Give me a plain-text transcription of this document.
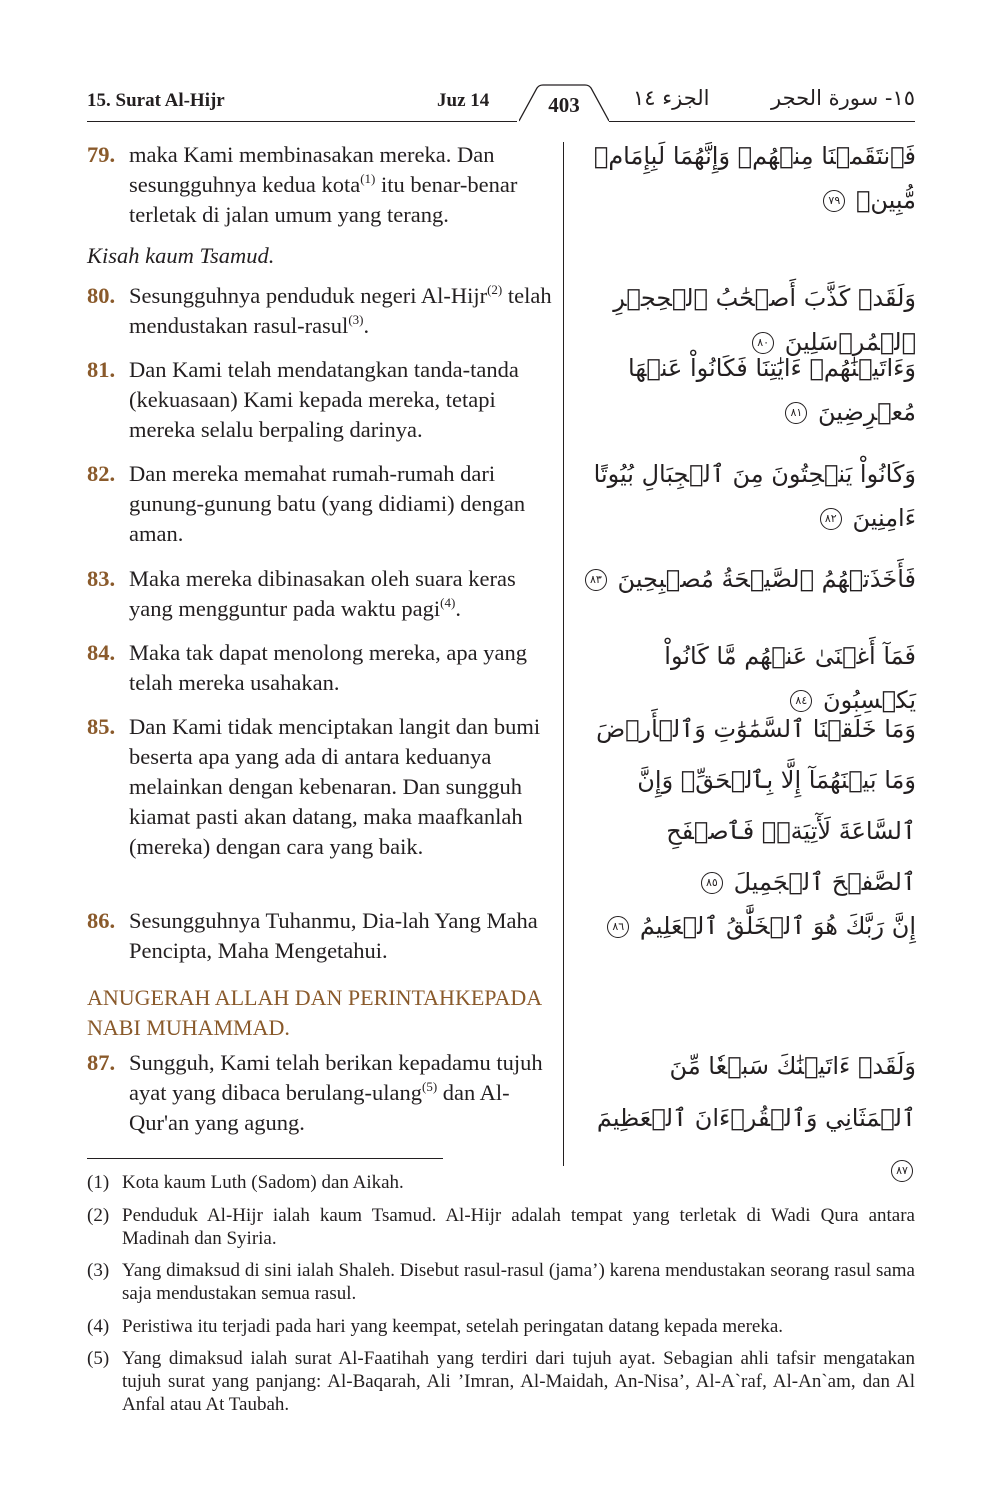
15. Surat Al-Hijr	Juz 14	403	الجزء ١٤	١٥- سورة الحجر
79. maka Kami membinasakan mereka. Dan sesungguhnya kedua kota$^{(1)}$ itu benar-benar terletak di jalan umum yang terang.
Kisah kaum Tsamud.
80. Sesungguhnya penduduk negeri Al-Hijr$^{(2)}$ telah mendustakan rasul-rasul$^{(3)}$.
81. Dan Kami telah mendatangkan tanda-tanda (kekuasaan) Kami kepada mereka, tetapi mereka selalu berpaling darinya.
82. Dan mereka memahat rumah-rumah dari gunung-gunung batu (yang didiami) dengan aman.
83. Maka mereka dibinasakan oleh suara keras yang mengguntur pada waktu pagi$^{(4)}$.
84. Maka tak dapat menolong mereka, apa yang telah mereka usahakan.
85. Dan Kami tidak menciptakan langit dan bumi beserta apa yang ada di antara keduanya melainkan dengan kebenaran. Dan sungguh kiamat pasti akan datang, maka maafkanlah (mereka) dengan cara yang baik.
86. Sesungguhnya Tuhanmu, Dia-lah Yang Maha Pencipta, Maha Mengetahui.
ANUGERAH ALLAH DAN PERINTAHKEPADA NABI MUHAMMAD.
87. Sungguh, Kami telah berikan kepadamu tujuh ayat yang dibaca berulang-ulang$^{(5)}$ dan Al-Qur'an yang agung.
فَٱنتَقَمۡنَا مِنۡهُمۡ وَإِنَّهُمَا لَبِإِمَامٖ مُّبِينٖ ٧٩
وَلَقَدۡ كَذَّبَ أَصۡحَٰبُ ٱلۡحِجۡرِ ٱلۡمُرۡسَلِينَ ٨٠
وَءَاتَيۡنَٰهُمۡ ءَايَٰتِنَا فَكَانُواْ عَنۡهَا مُعۡرِضِينَ ٨١
وَكَانُواْ يَنۡحِتُونَ مِنَ ٱلۡجِبَالِ بُيُوتًا ءَامِنِينَ ٨٢
فَأَخَذَتۡهُمُ ٱلصَّيۡحَةُ مُصۡبِحِينَ ٨٣
فَمَآ أَغۡنَىٰ عَنۡهُم مَّا كَانُواْ يَكۡسِبُونَ ٨٤
وَمَا خَلَقۡنَا ٱلسَّمَٰوَٰتِ وَٱلۡأَرۡضَ وَمَا بَيۡنَهُمَآ إِلَّا بِٱلۡحَقِّۗ وَإِنَّ ٱلسَّاعَةَ لَأٓتِيَةٞۖ فَٱصۡفَحِ ٱلصَّفۡحَ ٱلۡجَمِيلَ ٨٥
إِنَّ رَبَّكَ هُوَ ٱلۡخَلَّٰقُ ٱلۡعَلِيمُ ٨٦
وَلَقَدۡ ءَاتَيۡنَٰكَ سَبۡعٗا مِّنَ ٱلۡمَثَانِي وَٱلۡقُرۡءَانَ ٱلۡعَظِيمَ ٨٧
(1) Kota kaum Luth (Sadom) dan Aikah.
(2) Penduduk Al-Hijr ialah kaum Tsamud. Al-Hijr adalah tempat yang terletak di Wadi Qura antara Madinah dan Syiria.
(3) Yang dimaksud di sini ialah Shaleh. Disebut rasul-rasul (jama’) karena mendustakan seorang rasul sama saja mendustakan semua rasul.
(4) Peristiwa itu terjadi pada hari yang keempat, setelah peringatan datang kepada mereka.
(5) Yang dimaksud ialah surat Al-Faatihah yang terdiri dari tujuh ayat. Sebagian ahli tafsir mengatakan tujuh surat yang panjang: Al-Baqarah, Ali ’Imran, Al-Maidah, An-Nisa’, Al-A`raf, Al-An`am, dan Al Anfal atau At Taubah.
